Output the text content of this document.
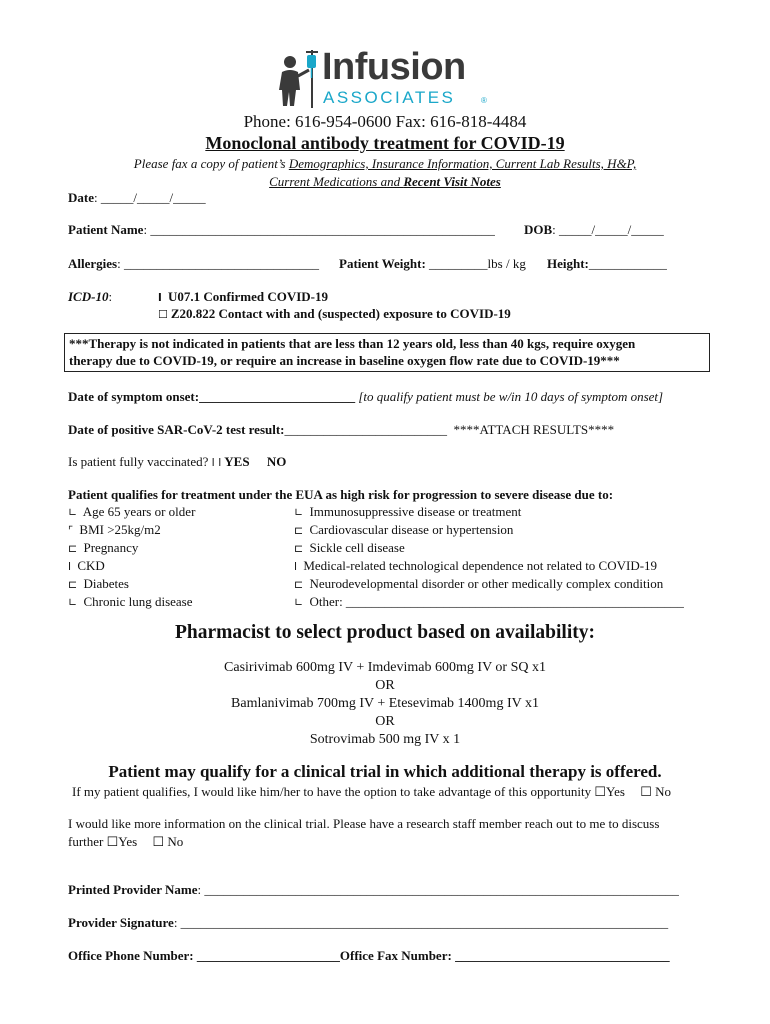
Infusion
ASSOCIATES	®
Phone: 616-954-0600 Fax: 616-818-4484
Monoclonal antibody treatment for COVID-19
Please fax a copy of patient’s Demographics, Insurance Information, Current Lab Results, H&P,
Current Medications and Recent Visit Notes
Date: _____/_____/_____
Patient Name: _____________________________________________________ DOB: _____/_____/_____
Allergies: ______________________________ Patient Weight: _________lbs / kg Height:____________
ICD-10:	l U07.1 Confirmed COVID-19
☐ Z20.822 Contact with and (suspected) exposure to COVID-19
***Therapy is not indicated in patients that are less than 12 years old, less than 40 kgs, require oxygen
therapy due to COVID-19, or require an increase in baseline oxygen flow rate due to COVID-19***
Date of symptom onset:________________________ [to qualify patient must be w/in 10 days of symptom onset]
Date of positive SAR-CoV-2 test result:_________________________ ****ATTACH RESULTS****
Is patient fully vaccinated? l l YES NO
Patient qualifies for treatment under the EUA as high risk for progression to severe disease due to:
∟ Age 65 years or older
⌜ BMI >25kg/m2
⊏ Pregnancy
l CKD
⊏ Diabetes
∟ Chronic lung disease
∟ Immunosuppressive disease or treatment
⊏ Cardiovascular disease or hypertension
⊏ Sickle cell disease
l Medical-related technological dependence not related to COVID-19
⊏ Neurodevelopmental disorder or other medically complex condition
∟ Other: ____________________________________________________
Pharmacist to select product based on availability:
Casirivimab 600mg IV + Imdevimab 600mg IV or SQ x1
OR
Bamlanivimab 700mg IV + Etesevimab 1400mg IV x1
OR
Sotrovimab 500 mg IV x 1
Patient may qualify for a clinical trial in which additional therapy is offered.
If my patient qualifies, I would like him/her to have the option to take advantage of this opportunity ☐Yes ☐ No
I would like more information on the clinical trial. Please have a research staff member reach out to me to discuss
further ☐Yes ☐ No
Printed Provider Name: _________________________________________________________________________
Provider Signature: ___________________________________________________________________________
Office Phone Number: ______________________Office Fax Number: _________________________________
